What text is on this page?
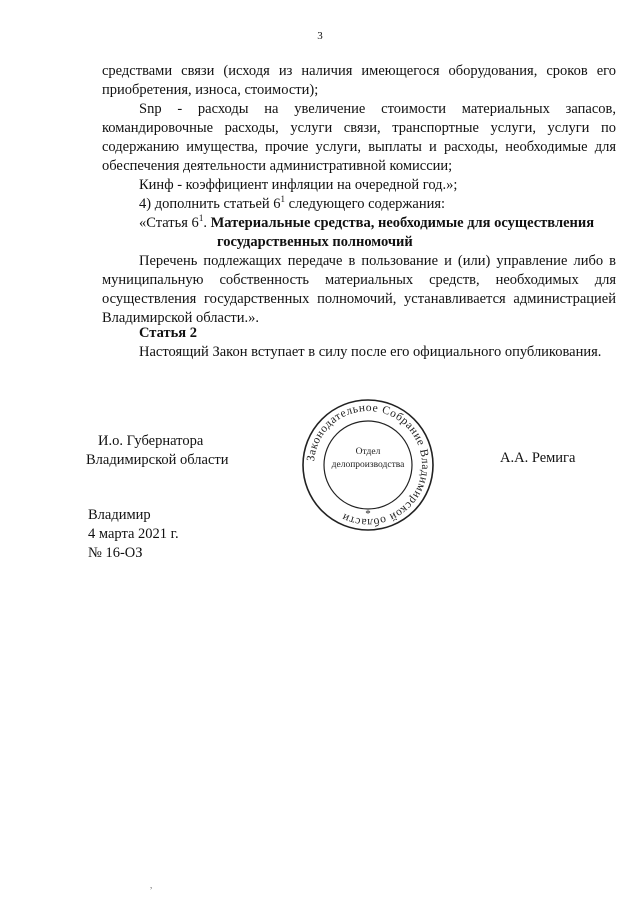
3

средствами связи (исходя из наличия имеющегося оборудования, сроков его приобретения, износа, стоимости);

Snp - расходы на увеличение стоимости материальных запасов, командировочные расходы, услуги связи, транспортные услуги, услуги по содержанию имущества, прочие услуги, выплаты и расходы, необходимые для обеспечения деятельности административной комиссии;

Кинф - коэффициент инфляции на очередной год.»;

4) дополнить статьей $6^1$ следующего содержания:

«Статья $6^1$. Материальные средства, необходимые для осуществления
государственных полномочий

Перечень подлежащих передаче в пользование и (или) управление либо в муниципальную собственность материальных средств, необходимых для осуществления государственных полномочий, устанавливается администрацией Владимирской области.».

Статья 2

Настоящий Закон вступает в силу после его официального опубликования.

И.о. Губернатора
Владимирской области	А.А. Ремига
Законодательное Собрание Владимирской области	*
Отдел
делопроизводства
Владимир
4 марта 2021 г.
№ 16-ОЗ
,
